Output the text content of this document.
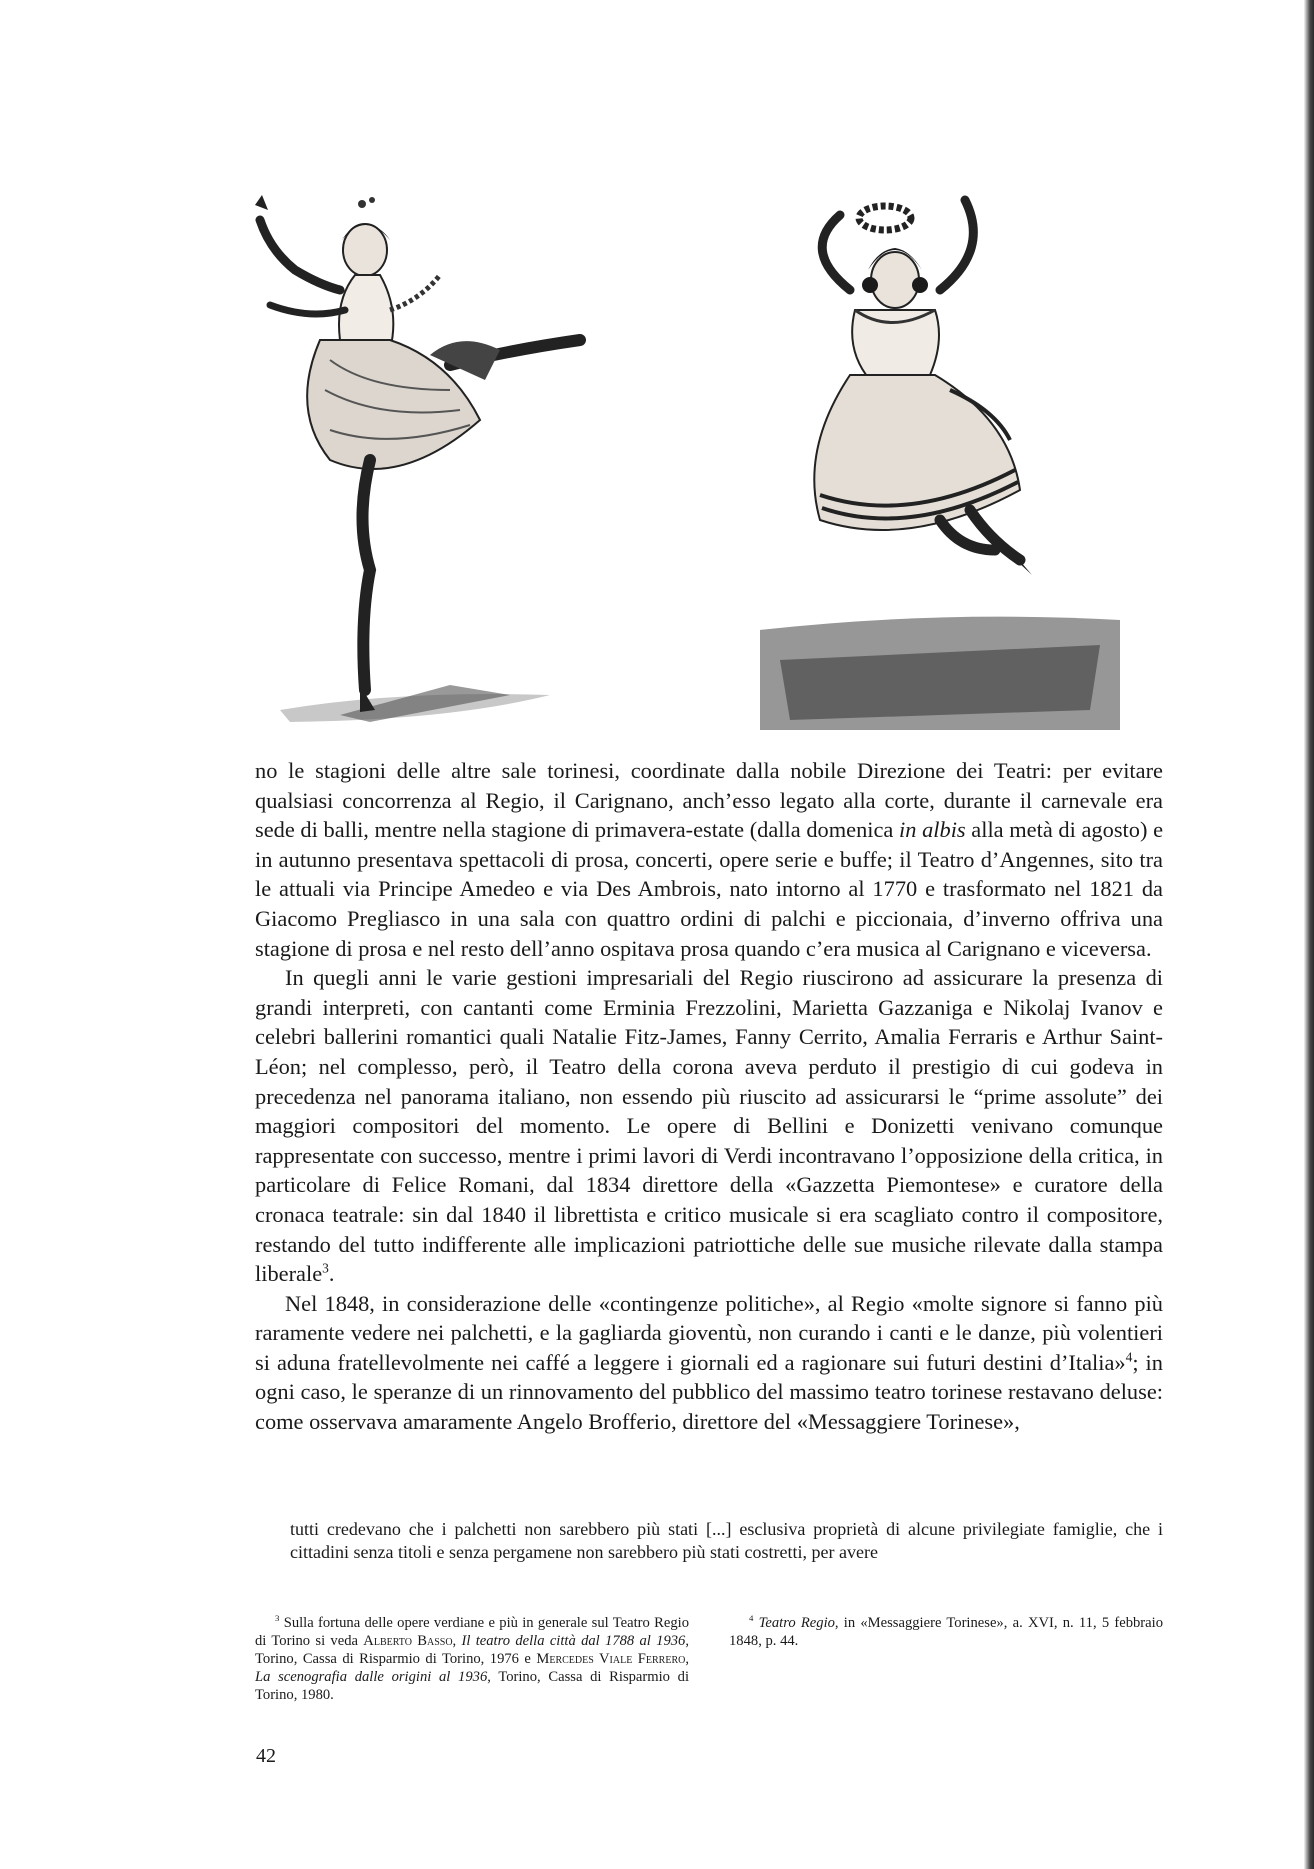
no le stagioni delle altre sale torinesi, coordinate dalla nobile Direzione dei Teatri: per evitare qualsiasi concorrenza al Regio, il Carignano, anch’esso legato alla corte, durante il carnevale era sede di balli, mentre nella stagione di primavera-estate (dalla domenica in albis alla metà di agosto) e in autunno presentava spettacoli di prosa, concerti, opere serie e buffe; il Teatro d’Angennes, sito tra le attuali via Principe Amedeo e via Des Ambrois, nato intorno al 1770 e trasformato nel 1821 da Giacomo Pregliasco in una sala con quattro ordini di palchi e piccionaia, d’inverno offriva una stagione di prosa e nel resto dell’anno ospitava prosa quando c’era musica al Carignano e viceversa.

In quegli anni le varie gestioni impresariali del Regio riuscirono ad assicurare la presenza di grandi interpreti, con cantanti come Erminia Frezzolini, Marietta Gazzaniga e Nikolaj Ivanov e celebri ballerini romantici quali Natalie Fitz-James, Fanny Cerrito, Amalia Ferraris e Arthur Saint-Léon; nel complesso, però, il Teatro della corona aveva perduto il prestigio di cui godeva in precedenza nel panorama italiano, non essendo più riuscito ad assicurarsi le “prime assolute” dei maggiori compositori del momento. Le opere di Bellini e Donizetti venivano comunque rappresentate con successo, mentre i primi lavori di Verdi incontravano l’opposizione della critica, in particolare di Felice Romani, dal 1834 direttore della «Gazzetta Piemontese» e curatore della cronaca teatrale: sin dal 1840 il librettista e critico musicale si era scagliato contro il compositore, restando del tutto indifferente alle implicazioni patriottiche delle sue musiche rilevate dalla stampa liberale$^3$.

Nel 1848, in considerazione delle «contingenze politiche», al Regio «molte signore si fanno più raramente vedere nei palchetti, e la gagliarda gioventù, non curando i canti e le danze, più volentieri si aduna fratellevolmente nei caffé a leggere i giornali ed a ragionare sui futuri destini d’Italia»$^4$; in ogni caso, le speranze di un rinnovamento del pubblico del massimo teatro torinese restavano deluse: come osservava amaramente Angelo Brofferio, direttore del «Messaggiere Torinese»,

tutti credevano che i palchetti non sarebbero più stati [...] esclusiva proprietà di alcune privilegiate famiglie, che i cittadini senza titoli e senza pergamene non sarebbero più stati costretti, per avere

$^3$ Sulla fortuna delle opere verdiane e più in generale sul Teatro Regio di Torino si veda Alberto Basso, Il teatro della città dal 1788 al 1936, Torino, Cassa di Risparmio di Torino, 1976 e Mercedes Viale Ferrero, La scenografia dalle origini al 1936, Torino, Cassa di Risparmio di Torino, 1980.

$^4$ Teatro Regio, in «Messaggiere Torinese», a. XVI, n. 11, 5 febbraio 1848, p. 44.

42
